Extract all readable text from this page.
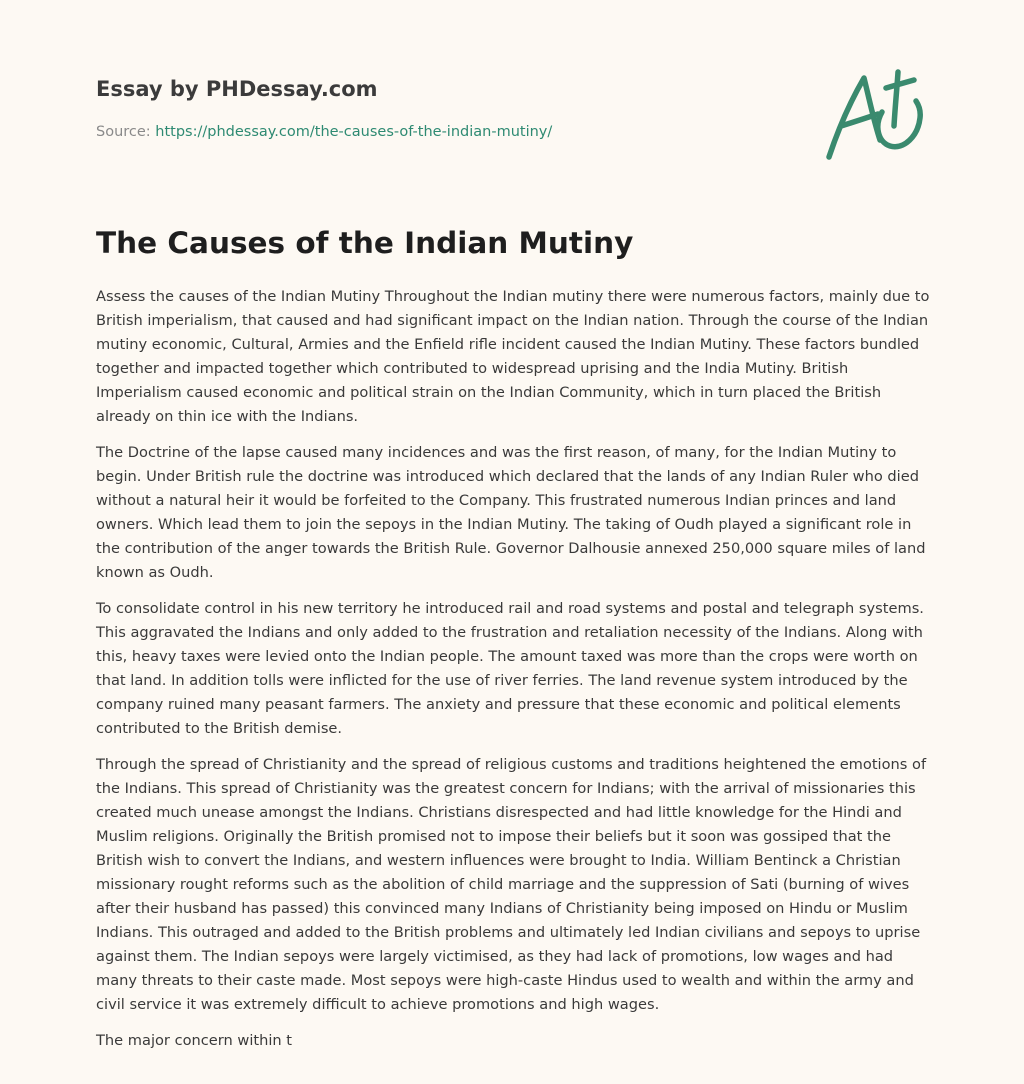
Essay by PHDessay.com
Source: https://phdessay.com/the-causes-of-the-indian-mutiny/
The Causes of the Indian Mutiny

Assess the causes of the Indian Mutiny Throughout the Indian mutiny there were numerous factors, mainly due to British imperialism, that caused and had significant impact on the Indian nation. Through the course of the Indian mutiny economic, Cultural, Armies and the Enfield rifle incident caused the Indian Mutiny. These factors bundled together and impacted together which contributed to widespread uprising and the India Mutiny. British Imperialism caused economic and political strain on the Indian Community, which in turn placed the British already on thin ice with the Indians.

The Doctrine of the lapse caused many incidences and was the first reason, of many, for the Indian Mutiny to begin. Under British rule the doctrine was introduced which declared that the lands of any Indian Ruler who died without a natural heir it would be forfeited to the Company. This frustrated numerous Indian princes and land owners. Which lead them to join the sepoys in the Indian Mutiny. The taking of Oudh played a significant role in the contribution of the anger towards the British Rule. Governor Dalhousie annexed 250,000 square miles of land known as Oudh.

To consolidate control in his new territory he introduced rail and road systems and postal and telegraph systems. This aggravated the Indians and only added to the frustration and retaliation necessity of the Indians. Along with this, heavy taxes were levied onto the Indian people. The amount taxed was more than the crops were worth on that land. In addition tolls were inflicted for the use of river ferries. The land revenue system introduced by the company ruined many peasant farmers. The anxiety and pressure that these economic and political elements contributed to the British demise.

Through the spread of Christianity and the spread of religious customs and traditions heightened the emotions of the Indians. This spread of Christianity was the greatest concern for Indians; with the arrival of missionaries this created much unease amongst the Indians. Christians disrespected and had little knowledge for the Hindi and Muslim religions. Originally the British promised not to impose their beliefs but it soon was gossiped that the British wish to convert the Indians, and western influences were brought to India. William Bentinck a Christian missionary rought reforms such as the abolition of child marriage and the suppression of Sati (burning of wives after their husband has passed) this convinced many Indians of Christianity being imposed on Hindu or Muslim Indians. This outraged and added to the British problems and ultimately led Indian civilians and sepoys to uprise against them. The Indian sepoys were largely victimised, as they had lack of promotions, low wages and had many threats to their caste made. Most sepoys were high-caste Hindus used to wealth and within the army and civil service it was extremely difficult to achieve promotions and high wages.

The major concern within t
